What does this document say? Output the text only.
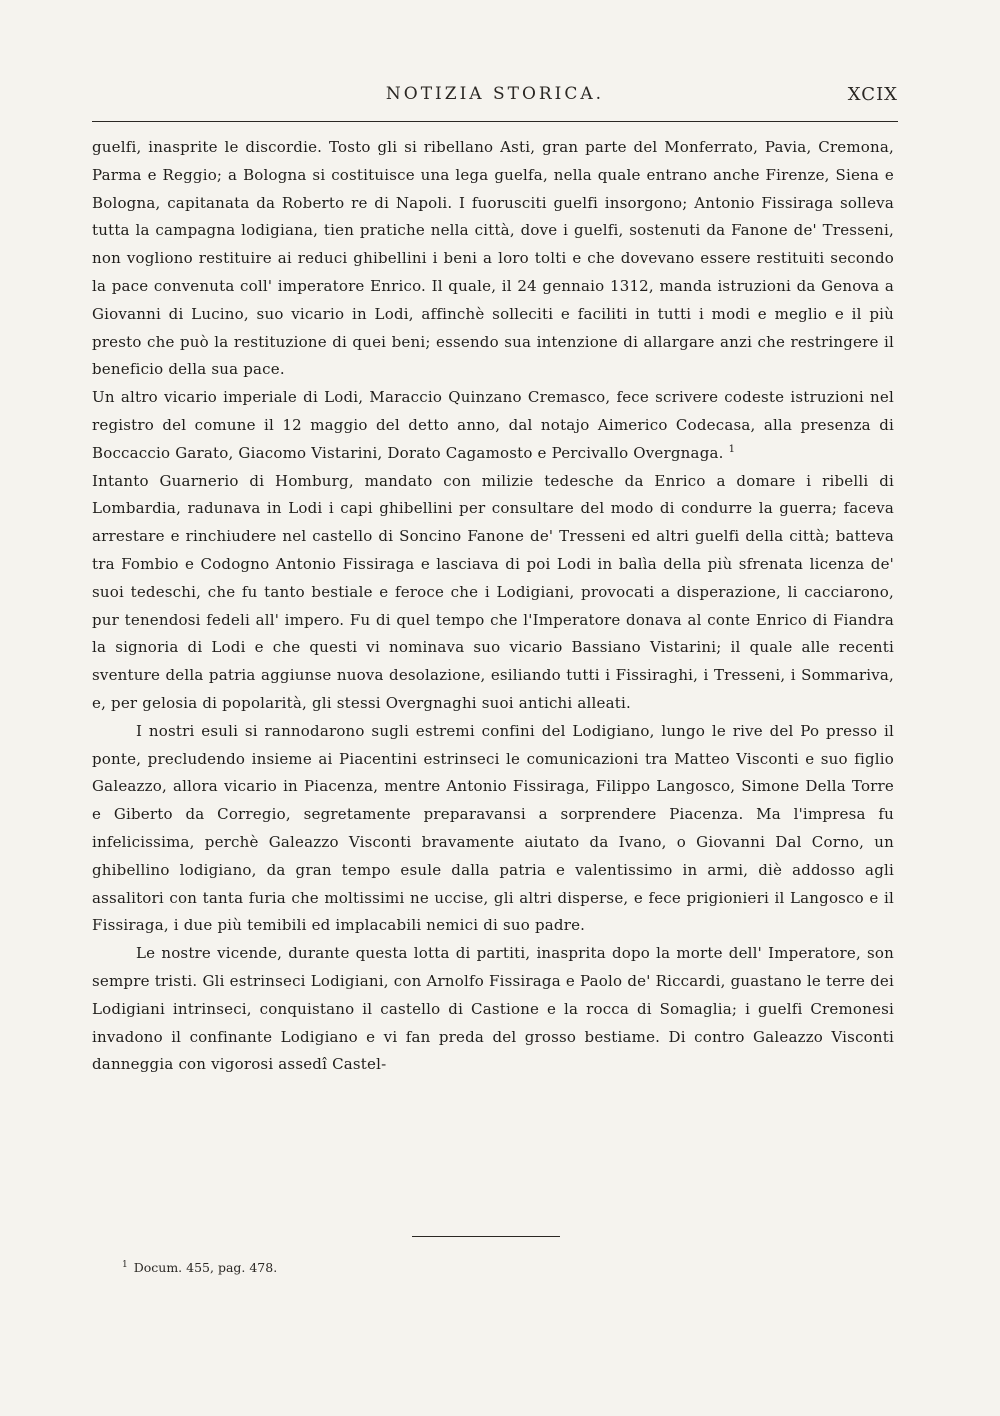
NOTIZIA STORICA.	XCIX

guelfi, inasprite le discordie. Tosto gli si ribellano Asti, gran parte del Monferrato, Pavia, Cremona, Parma e Reggio; a Bologna si costituisce una lega guelfa, nella quale entrano anche Firenze, Siena e Bologna, capitanata da Roberto re di Napoli. I fuorusciti guelfi insorgono; Antonio Fissiraga solleva tutta la campagna lodigiana, tien pratiche nella città, dove i guelfi, sostenuti da Fanone de' Tresseni, non vogliono restituire ai reduci ghibellini i beni a loro tolti e che dovevano essere restituiti secondo la pace convenuta coll' imperatore Enrico. Il quale, il 24 gennaio 1312, manda istruzioni da Genova a Giovanni di Lucino, suo vicario in Lodi, affinchè solleciti e faciliti in tutti i modi e meglio e il più presto che può la restituzione di quei beni; essendo sua intenzione di allargare anzi che restringere il beneficio della sua pace.

Un altro vicario imperiale di Lodi, Maraccio Quinzano Cremasco, fece scrivere codeste istruzioni nel registro del comune il 12 maggio del detto anno, dal notajo Aimerico Codecasa, alla presenza di Boccaccio Garato, Giacomo Vistarini, Dorato Cagamosto e Percivallo Overgnaga. $^1$

Intanto Guarnerio di Homburg, mandato con milizie tedesche da Enrico a domare i ribelli di Lombardia, radunava in Lodi i capi ghibellini per consultare del modo di condurre la guerra; faceva arrestare e rinchiudere nel castello di Soncino Fanone de' Tresseni ed altri guelfi della città; batteva tra Fombio e Codogno Antonio Fissiraga e lasciava di poi Lodi in balìa della più sfrenata licenza de' suoi tedeschi, che fu tanto bestiale e feroce che i Lodigiani, provocati a disperazione, li cacciarono, pur tenendosi fedeli all' impero. Fu di quel tempo che l'Imperatore donava al conte Enrico di Fiandra la signoria di Lodi e che questi vi nominava suo vicario Bassiano Vistarini; il quale alle recenti sventure della patria aggiunse nuova desolazione, esiliando tutti i Fissiraghi, i Tresseni, i Sommariva, e, per gelosia di popolarità, gli stessi Overgnaghi suoi antichi alleati.

I nostri esuli si rannodarono sugli estremi confini del Lodigiano, lungo le rive del Po presso il ponte, precludendo insieme ai Piacentini estrinseci le comunicazioni tra Matteo Visconti e suo figlio Galeazzo, allora vicario in Piacenza, mentre Antonio Fissiraga, Filippo Langosco, Simone Della Torre e Giberto da Corregio, segretamente preparavansi a sorprendere Piacenza. Ma l'impresa fu infelicissima, perchè Galeazzo Visconti bravamente aiutato da Ivano, o Giovanni Dal Corno, un ghibellino lodigiano, da gran tempo esule dalla patria e valentissimo in armi, diè addosso agli assalitori con tanta furia che moltissimi ne uccise, gli altri disperse, e fece prigionieri il Langosco e il Fissiraga, i due più temibili ed implacabili nemici di suo padre.

Le nostre vicende, durante questa lotta di partiti, inasprita dopo la morte dell' Imperatore, son sempre tristi. Gli estrinseci Lodigiani, con Arnolfo Fissiraga e Paolo de' Riccardi, guastano le terre dei Lodigiani intrinseci, conquistano il castello di Castione e la rocca di Somaglia; i guelfi Cremonesi invadono il confinante Lodigiano e vi fan preda del grosso bestiame. Di contro Galeazzo Visconti danneggia con vigorosi assedî Castel-

$^1$ Docum. 455, pag. 478.
